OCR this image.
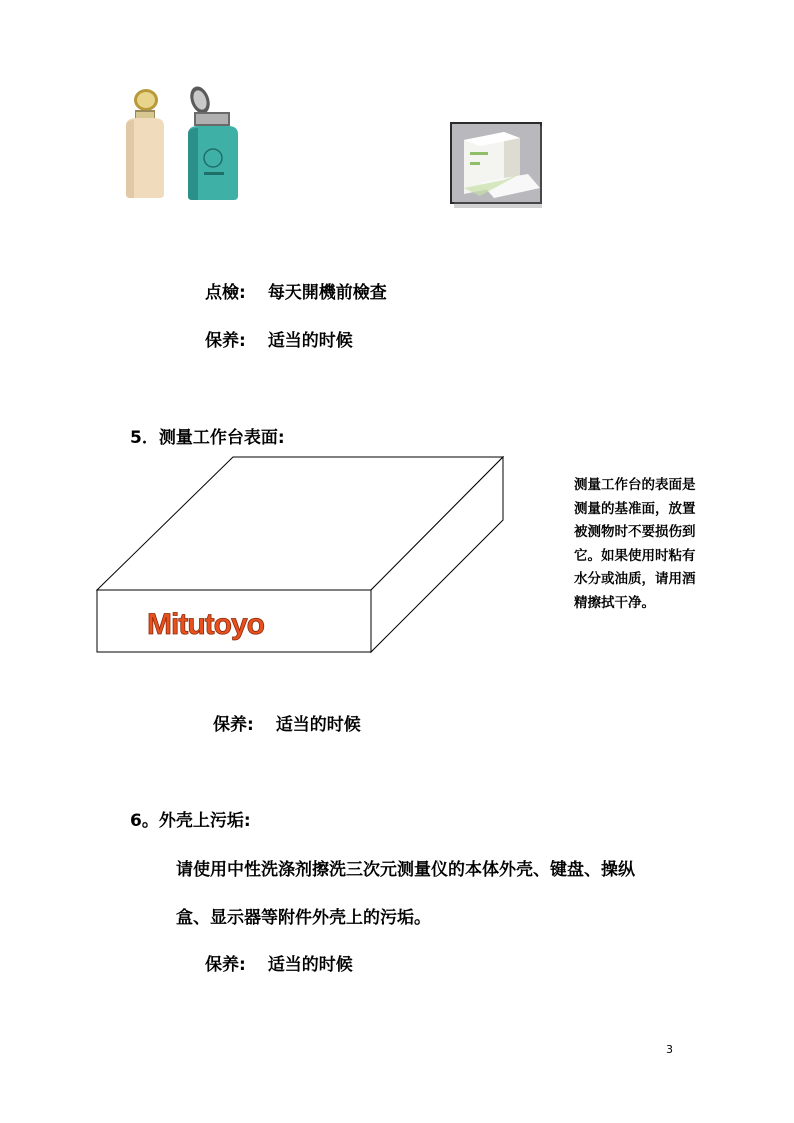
点檢: 每天開機前檢查
保养: 适当的时候
5．测量工作台表面:
Mitutoyo
测量工作台的表面是
测量的基准面，放置
被测物时不要损伤到
它。如果使用时粘有
水分或油质，请用酒
精擦拭干净。
保养: 适当的时候
6。外壳上污垢:
请使用中性洗涤剂擦洗三次元测量仪的本体外壳、键盘、操纵
盒、显示器等附件外壳上的污垢。
保养: 适当的时候
3
